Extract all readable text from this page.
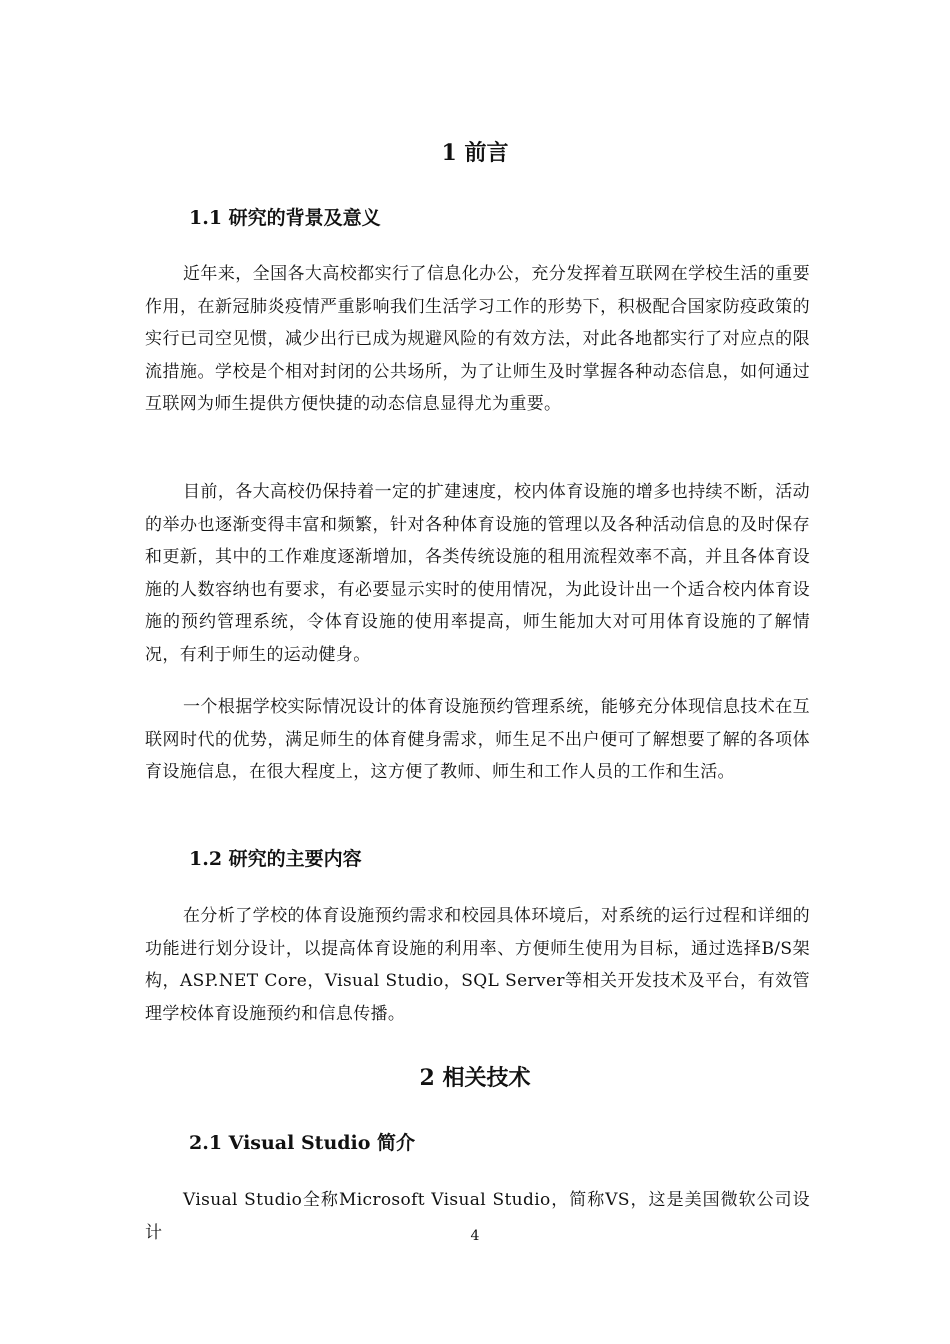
1 前言
1.1 研究的背景及意义

近年来，全国各大高校都实行了信息化办公，充分发挥着互联网在学校生活的重要作用，在新冠肺炎疫情严重影响我们生活学习工作的形势下，积极配合国家防疫政策的实行已司空见惯，减少出行已成为规避风险的有效方法，对此各地都实行了对应点的限流措施。学校是个相对封闭的公共场所，为了让师生及时掌握各种动态信息，如何通过互联网为师生提供方便快捷的动态信息显得尤为重要。

目前，各大高校仍保持着一定的扩建速度，校内体育设施的增多也持续不断，活动的举办也逐渐变得丰富和频繁，针对各种体育设施的管理以及各种活动信息的及时保存和更新，其中的工作难度逐渐增加，各类传统设施的租用流程效率不高，并且各体育设施的人数容纳也有要求，有必要显示实时的使用情况，为此设计出一个适合校内体育设施的预约管理系统，令体育设施的使用率提高，师生能加大对可用体育设施的了解情况，有利于师生的运动健身。

一个根据学校实际情况设计的体育设施预约管理系统，能够充分体现信息技术在互联网时代的优势，满足师生的体育健身需求，师生足不出户便可了解想要了解的各项体育设施信息，在很大程度上，这方便了教师、师生和工作人员的工作和生活。

1.2 研究的主要内容

在分析了学校的体育设施预约需求和校园具体环境后，对系统的运行过程和详细的功能进行划分设计，以提高体育设施的利用率、方便师生使用为目标，通过选择B/S架构，ASP.NET Core，Visual Studio，SQL Server等相关开发技术及平台，有效管理学校体育设施预约和信息传播。

2 相关技术
2.1 Visual Studio 简介

Visual Studio全称Microsoft Visual Studio，简称VS，这是美国微软公司设计	4
